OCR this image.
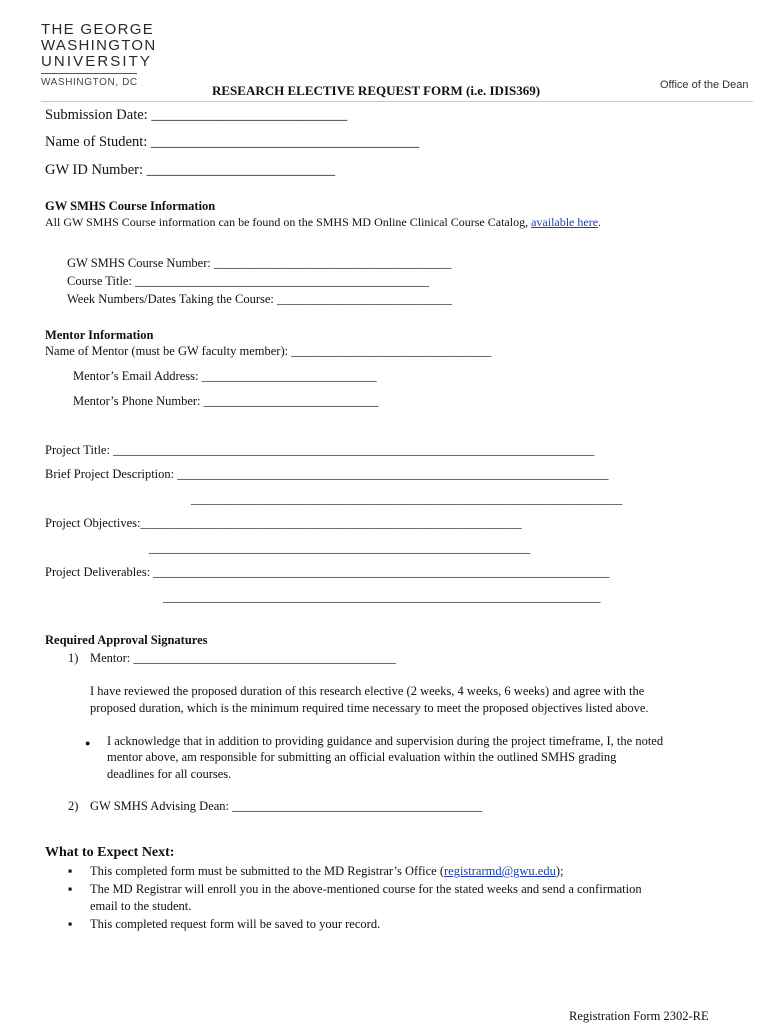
THE GEORGE
WASHINGTON
UNIVERSITY
WASHINGTON, DC
RESEARCH ELECTIVE REQUEST FORM (i.e. IDIS369)	Office of the Dean
Submission Date: ___________________________
Name of Student: _____________________________________
GW ID Number: __________________________
GW SMHS Course Information
All GW SMHS Course information can be found on the SMHS MD Online Clinical Course Catalog, available here.
GW SMHS Course Number: ______________________________________
Course Title: _______________________________________________
Week Numbers/Dates Taking the Course: ____________________________
Mentor Information
Name of Mentor (must be GW faculty member): ________________________________
Mentor’s Email Address: ____________________________
Mentor’s Phone Number: ____________________________
Project Title: _____________________________________________________________________________
Brief Project Description: _____________________________________________________________________
_____________________________________________________________________
Project Objectives:_____________________________________________________________
_____________________________________________________________
Project Deliverables: _________________________________________________________________________
______________________________________________________________________
Required Approval Signatures
1) Mentor: __________________________________________
I have reviewed the proposed duration of this research elective (2 weeks, 4 weeks, 6 weeks) and agree with the
proposed duration, which is the minimum required time necessary to meet the proposed objectives listed above.
● I acknowledge that in addition to providing guidance and supervision during the project timeframe, I, the noted
mentor above, am responsible for submitting an official evaluation within the outlined SMHS grading
deadlines for all courses.
2) GW SMHS Advising Dean: ________________________________________
What to Expect Next:
▪ This completed form must be submitted to the MD Registrar’s Office (registrarmd@gwu.edu);
▪ The MD Registrar will enroll you in the above-mentioned course for the stated weeks and send a confirmation
email to the student.
▪ This completed request form will be saved to your record.
Registration Form 2302-RE
